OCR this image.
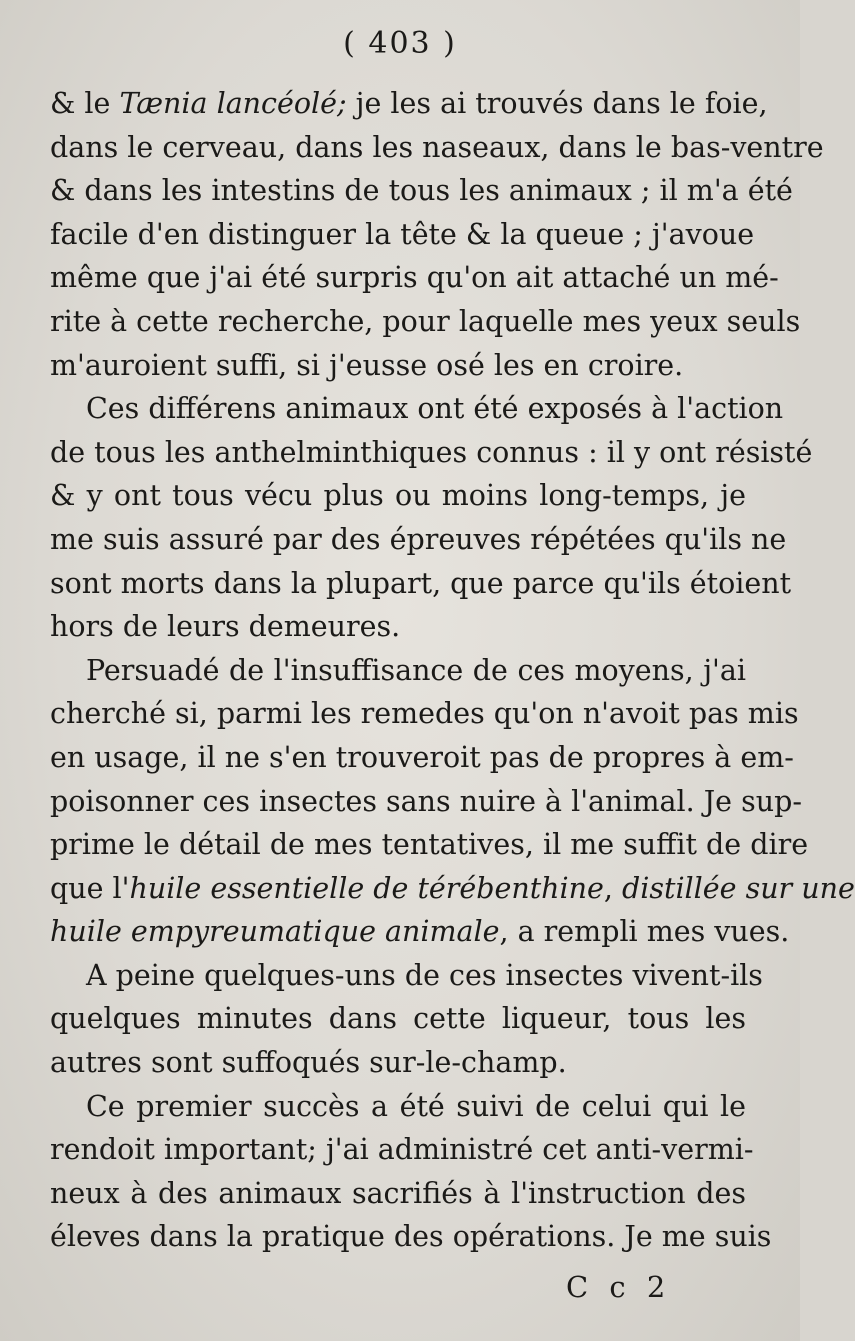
( 403 )
& le Tænia lancéolé; je les ai trouvés dans le foie,
dans le cerveau, dans les naseaux, dans le bas-ventre
& dans les intestins de tous les animaux ; il m'a été
facile d'en distinguer la tête & la queue ; j'avoue
même que j'ai été surpris qu'on ait attaché un mé-
rite à cette recherche, pour laquelle mes yeux seuls
m'auroient suffi, si j'eusse osé les en croire.
Ces différens animaux ont été exposés à l'action
de tous les anthelminthiques connus : il y ont résisté
& y ont tous vécu plus ou moins long-temps, je
me suis assuré par des épreuves répétées qu'ils ne
sont morts dans la plupart, que parce qu'ils étoient
hors de leurs demeures.
Persuadé de l'insuffisance de ces moyens, j'ai
cherché si, parmi les remedes qu'on n'avoit pas mis
en usage, il ne s'en trouveroit pas de propres à em-
poisonner ces insectes sans nuire à l'animal. Je sup-
prime le détail de mes tentatives, il me suffit de dire
que l'huile essentielle de térébenthine, distillée sur une
huile empyreumatique animale, a rempli mes vues.
A peine quelques-uns de ces insectes vivent-ils
quelques minutes dans cette liqueur, tous les
autres sont suffoqués sur-le-champ.
Ce premier succès a été suivi de celui qui le
rendoit important; j'ai administré cet anti-vermi-
neux à des animaux sacrifiés à l'instruction des
éleves dans la pratique des opérations. Je me suis
C c 2
